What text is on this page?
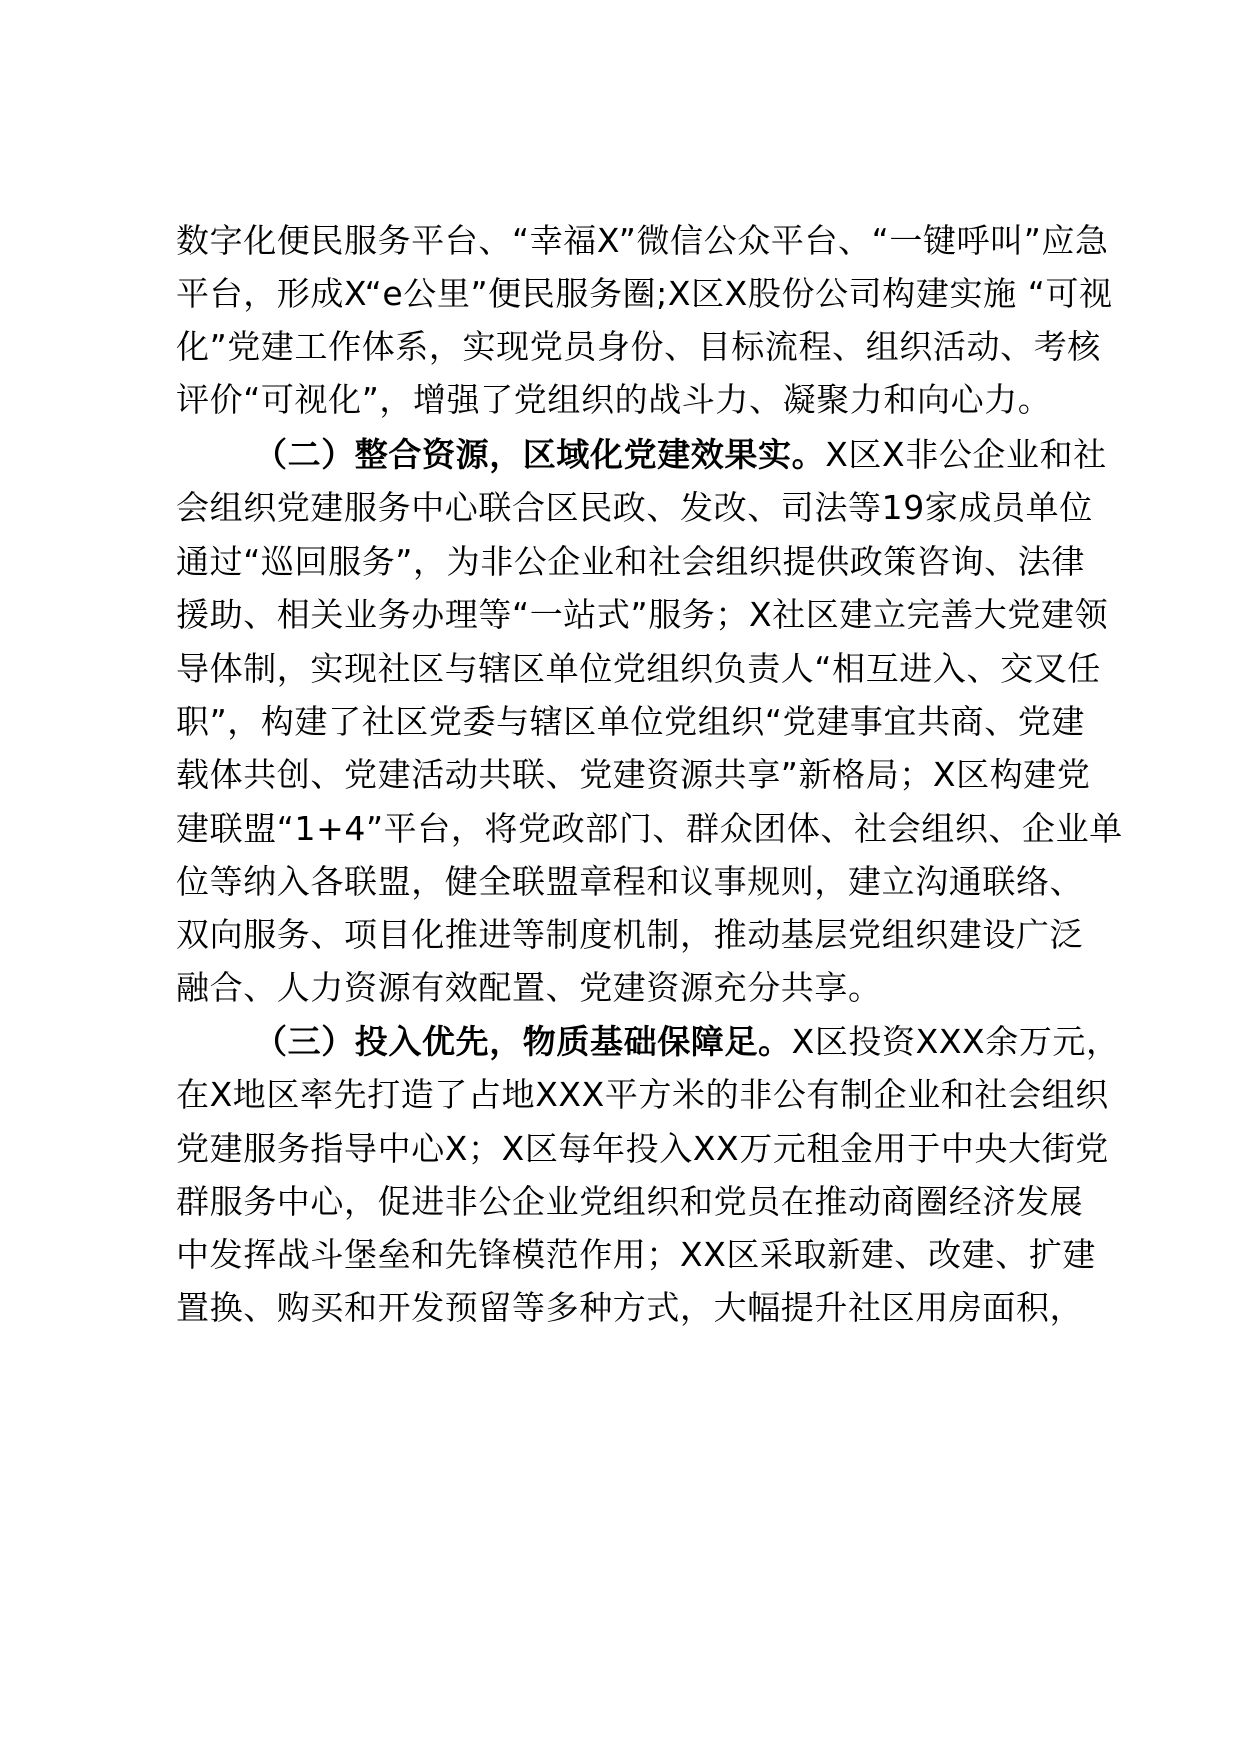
数字化便民服务平台、“幸福X”微信公众平台、“一键呼叫”应急
平台，形成X“e公里”便民服务圈;X区X股份公司构建实施 “可视
化”党建工作体系，实现党员身份、目标流程、组织活动、考核
评价“可视化”，增强了党组织的战斗力、凝聚力和向心力。
（二）整合资源，区域化党建效果实。X区X非公企业和社
会组织党建服务中心联合区民政、发改、司法等19家成员单位
通过“巡回服务”，为非公企业和社会组织提供政策咨询、法律
援助、相关业务办理等“一站式”服务；X社区建立完善大党建领
导体制，实现社区与辖区单位党组织负责人“相互进入、交叉任
职”，构建了社区党委与辖区单位党组织“党建事宜共商、党建
载体共创、党建活动共联、党建资源共享”新格局；X区构建党
建联盟“1+4”平台，将党政部门、群众团体、社会组织、企业单
位等纳入各联盟，健全联盟章程和议事规则，建立沟通联络、
双向服务、项目化推进等制度机制，推动基层党组织建设广泛
融合、人力资源有效配置、党建资源充分共享。
（三）投入优先，物质基础保障足。X区投资XXX余万元，
在X地区率先打造了占地XXX平方米的非公有制企业和社会组织
党建服务指导中心X；X区每年投入XX万元租金用于中央大街党
群服务中心，促进非公企业党组织和党员在推动商圈经济发展
中发挥战斗堡垒和先锋模范作用；XX区采取新建、改建、扩建
置换、购买和开发预留等多种方式，大幅提升社区用房面积，
